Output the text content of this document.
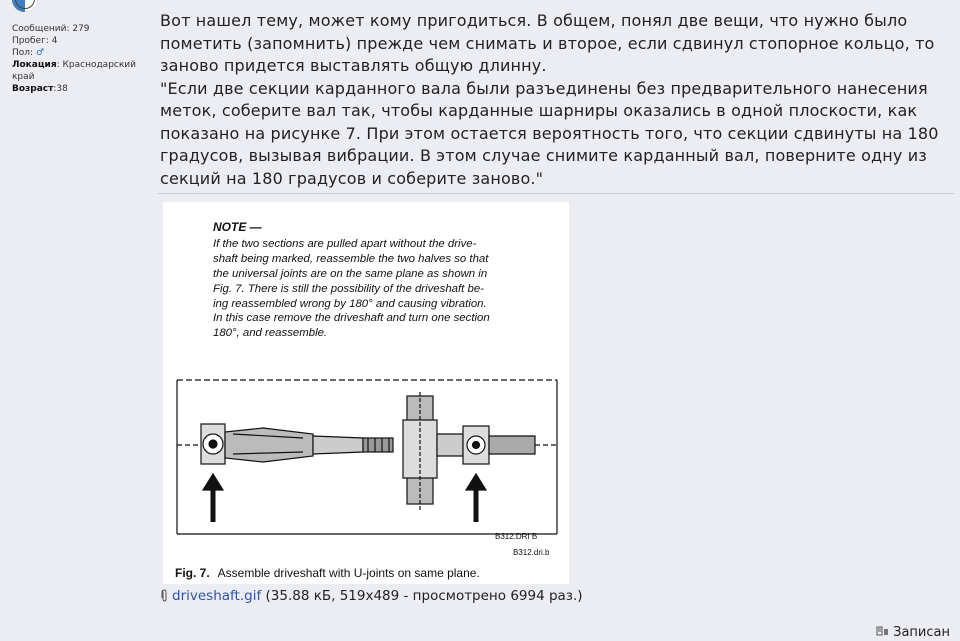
Сообщений: 279
Пробег: 4
Пол: ♂
Локация: Краснодарский край
Возраст:38

Вот нашел тему, может кому пригодиться. В общем, понял две вещи, что нужно было пометить (запомнить) прежде чем снимать и второе, если сдвинул стопорное кольцо, то заново придется выставлять общую длинну.

"Если две секции карданного вала были разъединены без предварительного нанесения меток, соберите вал так, чтобы карданные шарниры оказались в одной плоскости, как показано на рисунке 7. При этом остается вероятность того, что секции сдвинуты на 180 градусов, вызывая вибрации. В этом случае снимите карданный вал, поверните одну из секций на 180 градусов и соберите заново."

NOTE —
If the two sections are pulled apart without the drive-
shaft being marked, reassemble the two halves so that
the universal joints are on the same plane as shown in
Fig. 7. There is still the possibility of the driveshaft be-
ing reassembled wrong by 180° and causing vibration.
In this case remove the driveshaft and turn one section
180°, and reassemble.
B312.DRI B
B312.dri.b
Fig. 7. Assemble driveshaft with U-joints on same plane.
driveshaft.gif (35.88 кБ, 519x489 - просмотрено 6994 раз.)
Записан
